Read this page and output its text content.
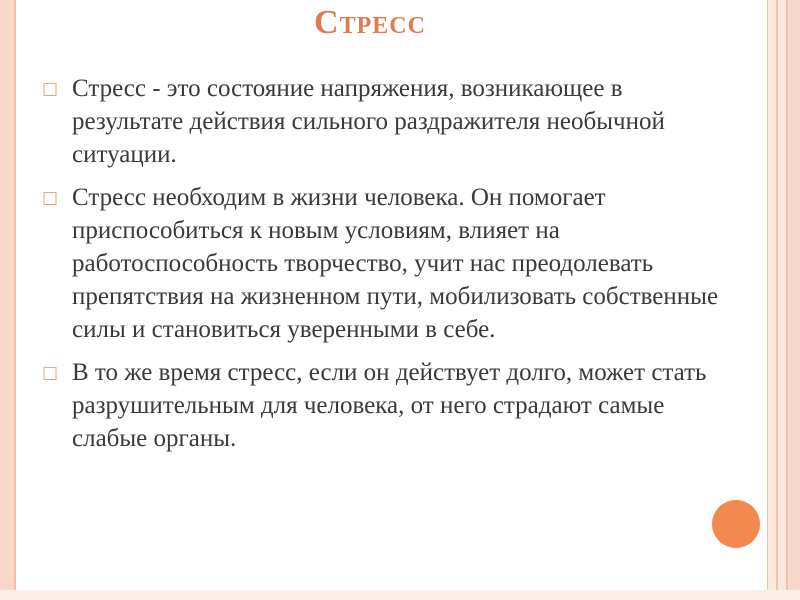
Стресс
☐ Стресс - это состояние напряжения, возникающее в результате действия сильного раздражителя необычной ситуации.
☐ Стресс необходим в жизни человека. Он помогает приспособиться к новым условиям, влияет на работоспособность творчество, учит нас преодолевать препятствия на жизненном пути, мобилизовать собственные силы и становиться уверенными в себе.
☐ В то же время стресс, если он действует долго, может стать разрушительным для человека, от него страдают самые слабые органы.
